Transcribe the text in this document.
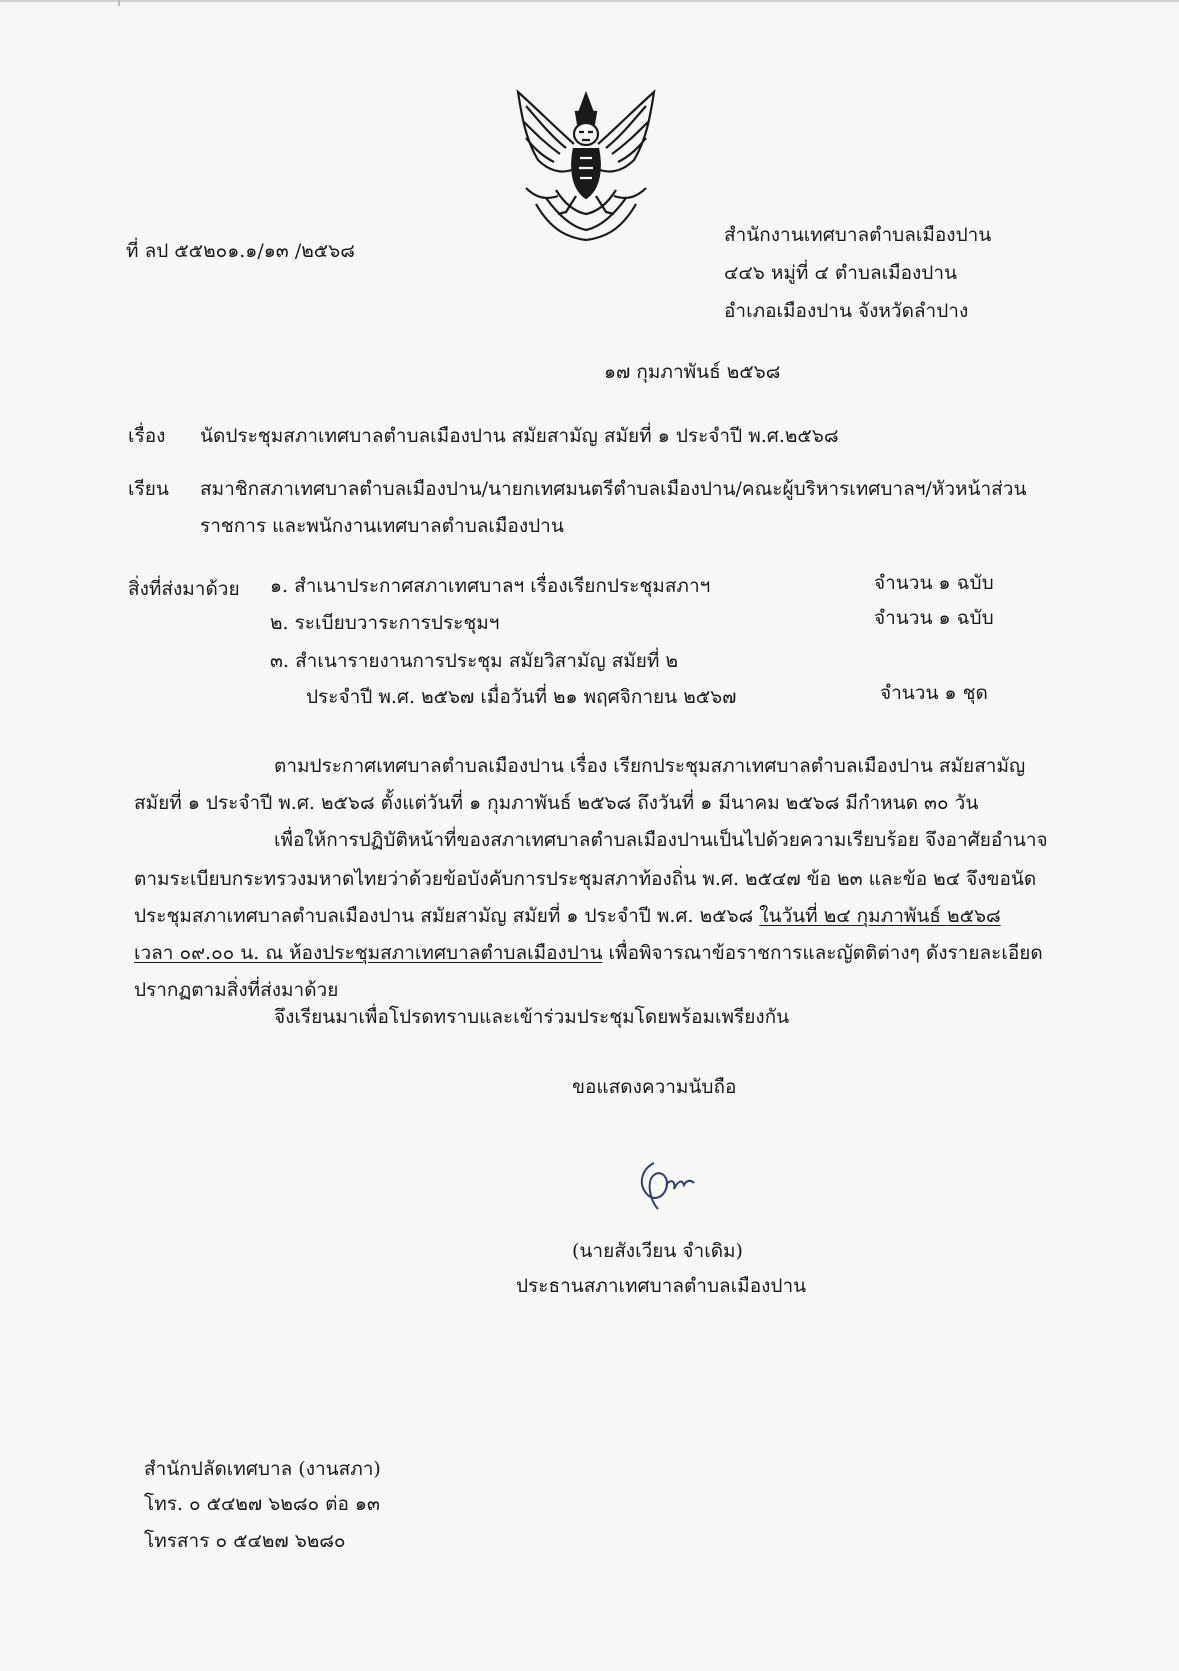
ที่ ลป ๕๕๒๐๑.๑/๑๓ /๒๕๖๘
สำนักงานเทศบาลตำบลเมืองปาน
๔๔๖ หมู่ที่ ๔ ตำบลเมืองปาน
อำเภอเมืองปาน จังหวัดลำปาง
๑๗ กุมภาพันธ์ ๒๕๖๘
เรื่อง นัดประชุมสภาเทศบาลตำบลเมืองปาน สมัยสามัญ สมัยที่ ๑ ประจำปี พ.ศ.๒๕๖๘
เรียน สมาชิกสภาเทศบาลตำบลเมืองปาน/นายกเทศมนตรีตำบลเมืองปาน/คณะผู้บริหารเทศบาลฯ/หัวหน้าส่วน
ราชการ และพนักงานเทศบาลตำบลเมืองปาน
สิ่งที่ส่งมาด้วย ๑. สำเนาประกาศสภาเทศบาลฯ เรื่องเรียกประชุมสภาฯ	จำนวน ๑ ฉบับ
๒. ระเบียบวาระการประชุมฯ	จำนวน ๑ ฉบับ
๓. สำเนารายงานการประชุม สมัยวิสามัญ สมัยที่ ๒
ประจำปี พ.ศ. ๒๕๖๗ เมื่อวันที่ ๒๑ พฤศจิกายน ๒๕๖๗	จำนวน ๑ ชุด
ตามประกาศเทศบาลตำบลเมืองปาน เรื่อง เรียกประชุมสภาเทศบาลตำบลเมืองปาน สมัยสามัญ
สมัยที่ ๑ ประจำปี พ.ศ. ๒๕๖๘ ตั้งแต่วันที่ ๑ กุมภาพันธ์ ๒๕๖๘ ถึงวันที่ ๑ มีนาคม ๒๕๖๘ มีกำหนด ๓๐ วัน
เพื่อให้การปฏิบัติหน้าที่ของสภาเทศบาลตำบลเมืองปานเป็นไปด้วยความเรียบร้อย จึงอาศัยอำนาจ
ตามระเบียบกระทรวงมหาดไทยว่าด้วยข้อบังคับการประชุมสภาท้องถิ่น พ.ศ. ๒๕๔๗ ข้อ ๒๓ และข้อ ๒๔ จึงขอนัด
ประชุมสภาเทศบาลตำบลเมืองปาน สมัยสามัญ สมัยที่ ๑ ประจำปี พ.ศ. ๒๕๖๘ ในวันที่ ๒๔ กุมภาพันธ์ ๒๕๖๘
เวลา ๐๙.๐๐ น. ณ ห้องประชุมสภาเทศบาลตำบลเมืองปาน เพื่อพิจารณาข้อราชการและญัตติต่างๆ ดังรายละเอียด
ปรากฏตามสิ่งที่ส่งมาด้วย
จึงเรียนมาเพื่อโปรดทราบและเข้าร่วมประชุมโดยพร้อมเพรียงกัน
ขอแสดงความนับถือ
(นายสังเวียน จำเดิม)
ประธานสภาเทศบาลตำบลเมืองปาน
สำนักปลัดเทศบาล (งานสภา)
โทร. ๐ ๕๔๒๗ ๖๒๘๐ ต่อ ๑๓
โทรสาร ๐ ๕๔๒๗ ๖๒๘๐
